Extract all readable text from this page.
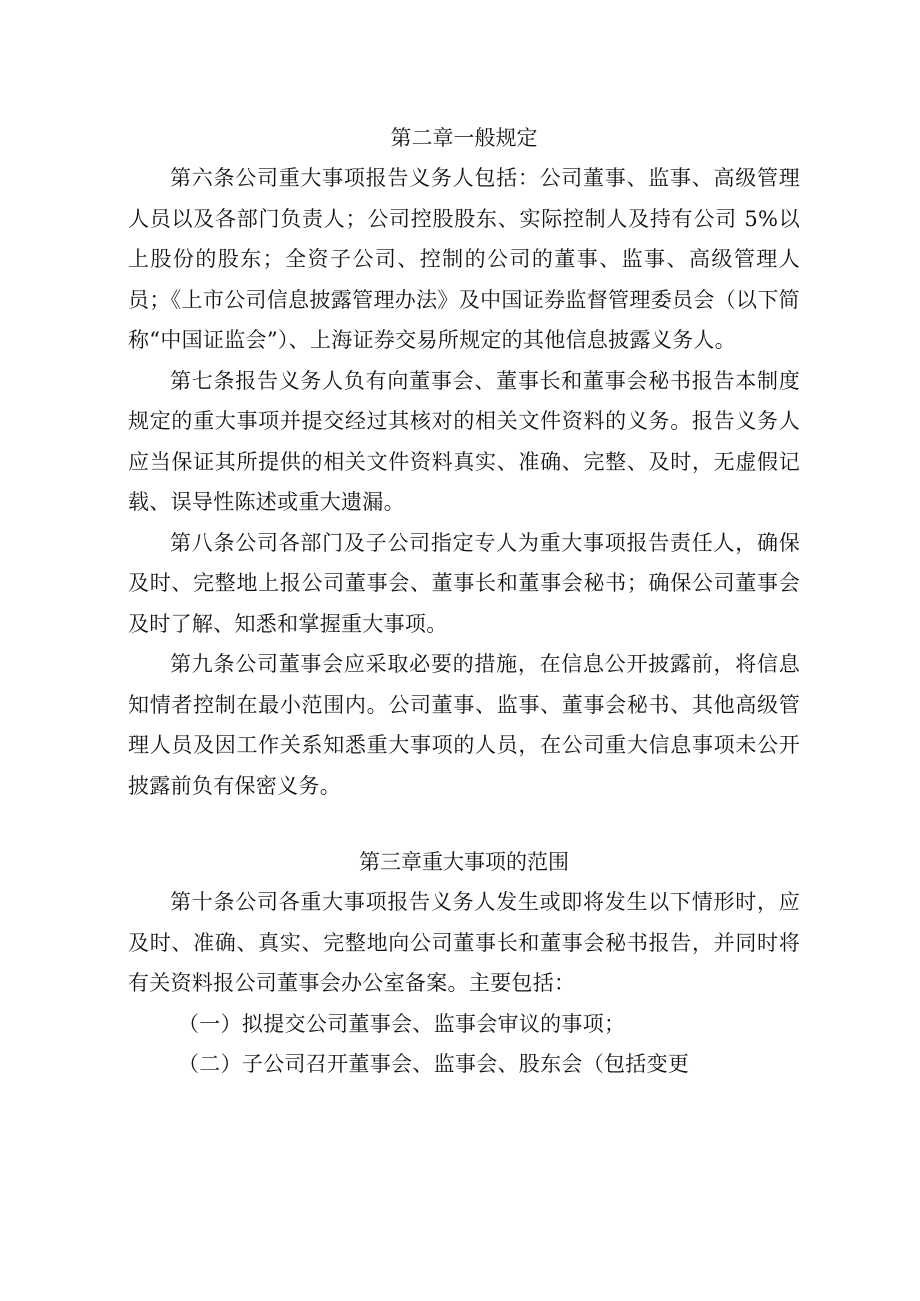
第二章一般规定

第六条公司重大事项报告义务人包括：公司董事、监事、高级管理人员以及各部门负责人；公司控股股东、实际控制人及持有公司 5%以上股份的股东；全资子公司、控制的公司的董事、监事、高级管理人员；《上市公司信息披露管理办法》及中国证券监督管理委员会（以下简称“中国证监会”）、上海证券交易所规定的其他信息披露义务人。

第七条报告义务人负有向董事会、董事长和董事会秘书报告本制度规定的重大事项并提交经过其核对的相关文件资料的义务。报告义务人应当保证其所提供的相关文件资料真实、准确、完整、及时，无虚假记载、误导性陈述或重大遗漏。

第八条公司各部门及子公司指定专人为重大事项报告责任人，确保及时、完整地上报公司董事会、董事长和董事会秘书；确保公司董事会及时了解、知悉和掌握重大事项。

第九条公司董事会应采取必要的措施，在信息公开披露前，将信息知情者控制在最小范围内。公司董事、监事、董事会秘书、其他高级管理人员及因工作关系知悉重大事项的人员，在公司重大信息事项未公开披露前负有保密义务。

第三章重大事项的范围

第十条公司各重大事项报告义务人发生或即将发生以下情形时，应及时、准确、真实、完整地向公司董事长和董事会秘书报告，并同时将有关资料报公司董事会办公室备案。主要包括：

（一）拟提交公司董事会、监事会审议的事项；

（二）子公司召开董事会、监事会、股东会（包括变更
